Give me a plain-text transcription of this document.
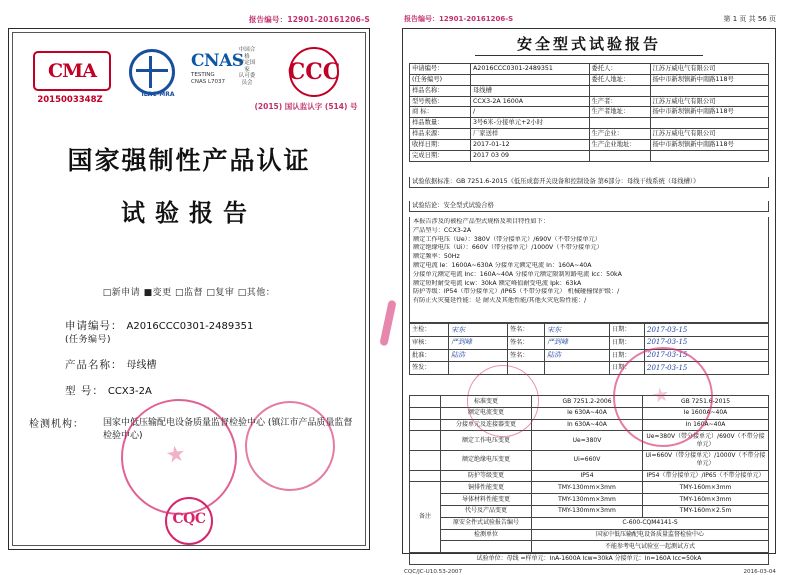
报告编号：12901-20161206-S
CMA
2015003348Z
ILAC-MRA
中国合格
评定国家
认可委员会
CNAS
TESTING
CNAS L7037	CCC
(2015) 国认监认字 (514) 号
国家强制性产品认证
试验报告
□新申请 ■变更 □监督 □复审 □其他：
申请编号： A2016CCC0301-2489351
(任务编号)
产品名称： 母线槽
型 号： CCX3-2A
检测机构： 国家中低压输配电设备质量监督检验中心 (镇江市产品质量监督检验中心)
CQC
报告编号：12901-20161206-S	第 1 页 共 56 页
安全型式试验报告
申请编号：	A2016CCC0301-2489351	委托人：	江苏万威电气有限公司
(任务编号)		委托人地址：	扬中市新坝镇新中南路118号
样品名称：	母线槽		
型号规格：	CCX3-2A 1600A	生产者：	江苏万威电气有限公司
商 标：	/	生产者地址：	扬中市新坝镇新中南路118号
样品数量：	3号6米-分接单元+2小时		
样品来源：	厂家送样	生产企业：	江苏万威电气有限公司
收样日期：	2017-01-12	生产企业地址：	扬中市新坝镇新中南路118号
完成日期：	2017 03 09		
试验依据标准：GB 7251.6-2015《低压成套开关设备和控制设备 第6部分：母线干线系统（母线槽）》
试验结论：安全型式试验合格
本报告涉及的被检产品型式规格及项目特性如下：
产品型号：CCX3-2A
额定工作电压（Ue）：380V（带分接单元）/690V（不带分接单元）
额定绝缘电压（Ui）：660V（带分接单元）/1000V（不带分接单元）
额定频率：50Hz
额定电流 Ie：1600A~630A 分接单元额定电流 In：160A~40A
分接单元额定电流 Inc：160A~40A 分接单元额定限制短路电流 Icc：50kA
额定短时耐受电流 Icw：30kA 额定峰值耐受电流 Ipk：63kA
防护等级：IP54（带分接单元）/IP65（不带分接单元） 机械碰撞保护级：/
有防止火灾蔓延性能：是 耐火及其他性能/其他火灾危险性能：/
主检：	宋东	签名：	宋东	日期：	2017-03-15
审核：	严到峰	签名：	严到峰	日期：	2017-03-15
批准：	陆浩	签名：	陆浩	日期：	2017-03-15
签发：				日期：	2017-03-15
	标准变更	GB 7251.2-2006	GB 7251.6-2015
	额定电流变更	Ie 630A~40A	Ie 1600A~40A
	分接单元及连接器变更	In 630A~40A	In 160A~40A
	额定工作电压变更	Ue=380V	Ue=380V（带分接单元）/690V（不带分接单元）
	额定绝缘电压变更	Ui=660V	Ui=660V（带分接单元）/1000V（不带分接单元）
	防护等级变更	IP54	IP54（带分接单元）/IP65（不带分接单元）
备注	铜排性能变更	TMY-130mm×3mm	TMY-160m×3mm
	导体材料性能变更	TMY-130mm×3mm	TMY-160m×3mm
	代号及产品变更	TMY-130mm×3mm	TMY-160m×2.5m
	原安全件式试验报告编号	C-600-CQM4141-S	
	检测单位	国家中低压输配电设备质量监督检验中心	
		不能参考电气试验室一起测试方式	
试验单位：母线 =样单元：InA-1600A Icw=30kA 分接单元：In=160A Icc=50kA			
CQC/JC-U10.53-2007	2016-03-04
